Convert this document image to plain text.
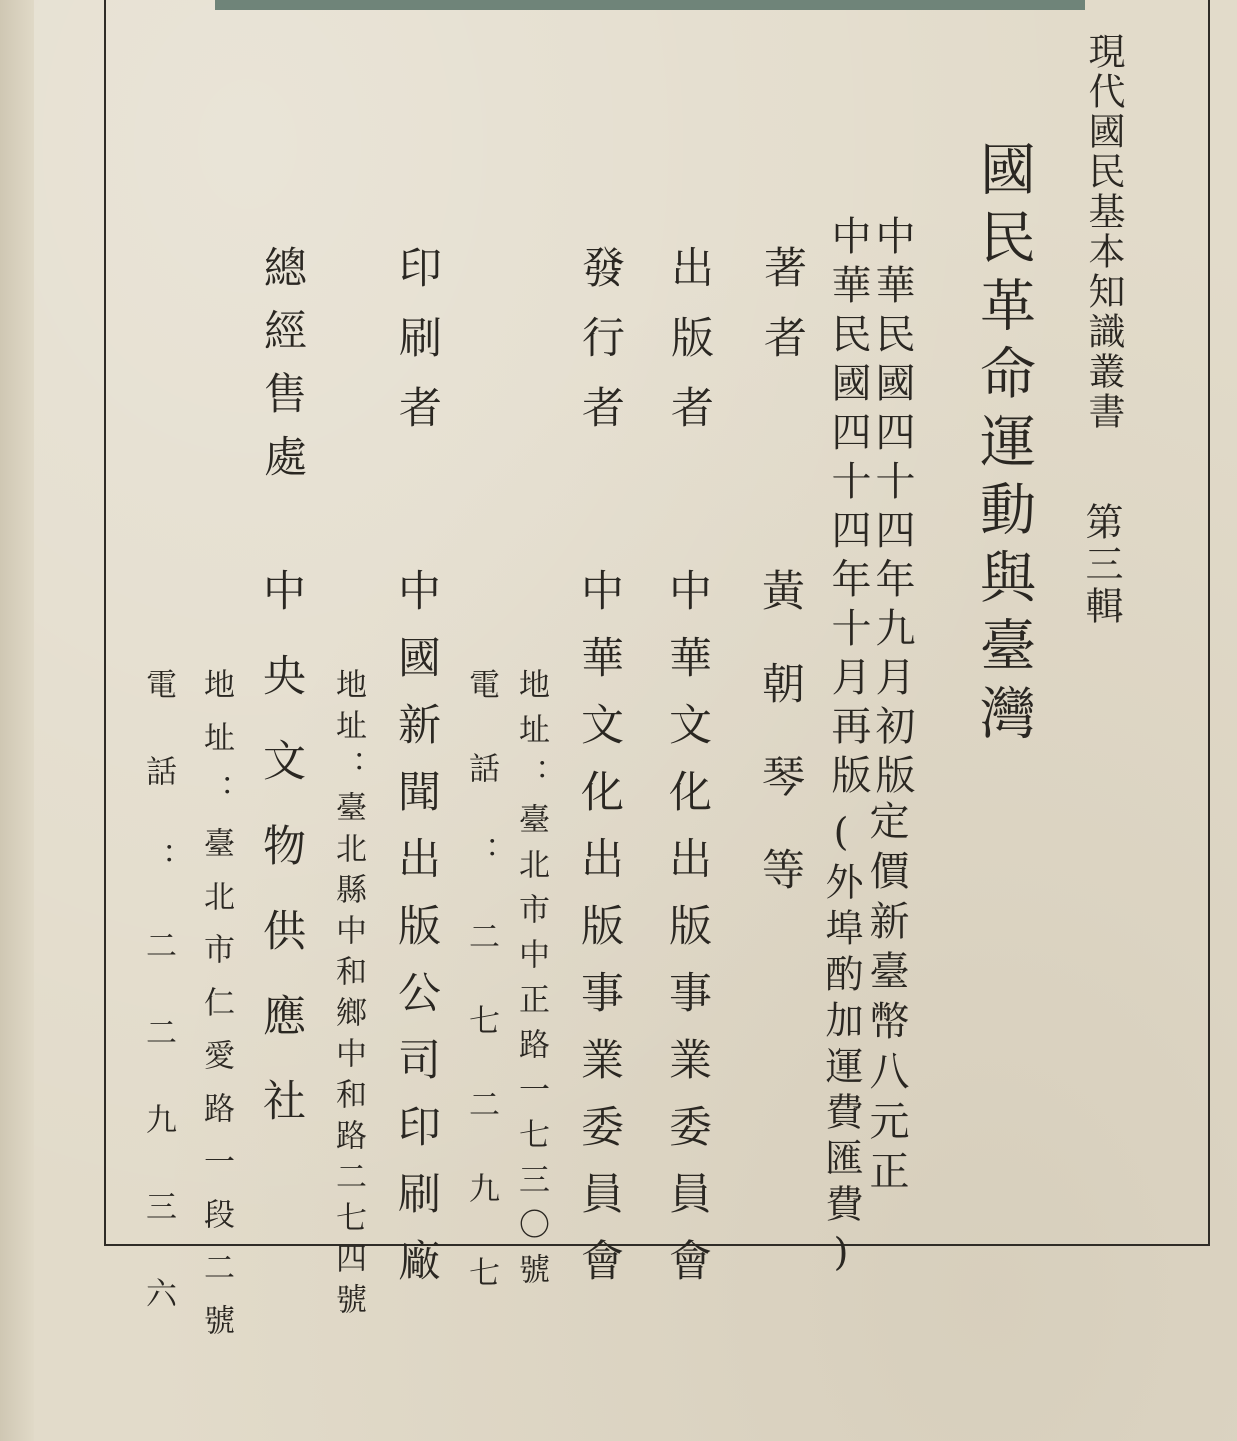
現代國民基本知識叢書
第三輯
國民革命運動與臺灣
中華民國四十四年九月初版
中華民國四十四年十月再版
定價新臺幣八元正
(外埠酌加運費匯費)
著者
黃朝琴等
出版者
中華文化出版事業委員會
發行者
中華文化出版事業委員會
地址：臺北市中正路一七三〇號
電話：二七二九七
印刷者
中國新聞出版公司印刷廠
地址：臺北縣中和鄉中和路二七四號
總經售處
中央文物供應社
地址：臺北市仁愛路一段二號
電話：二二九三六
